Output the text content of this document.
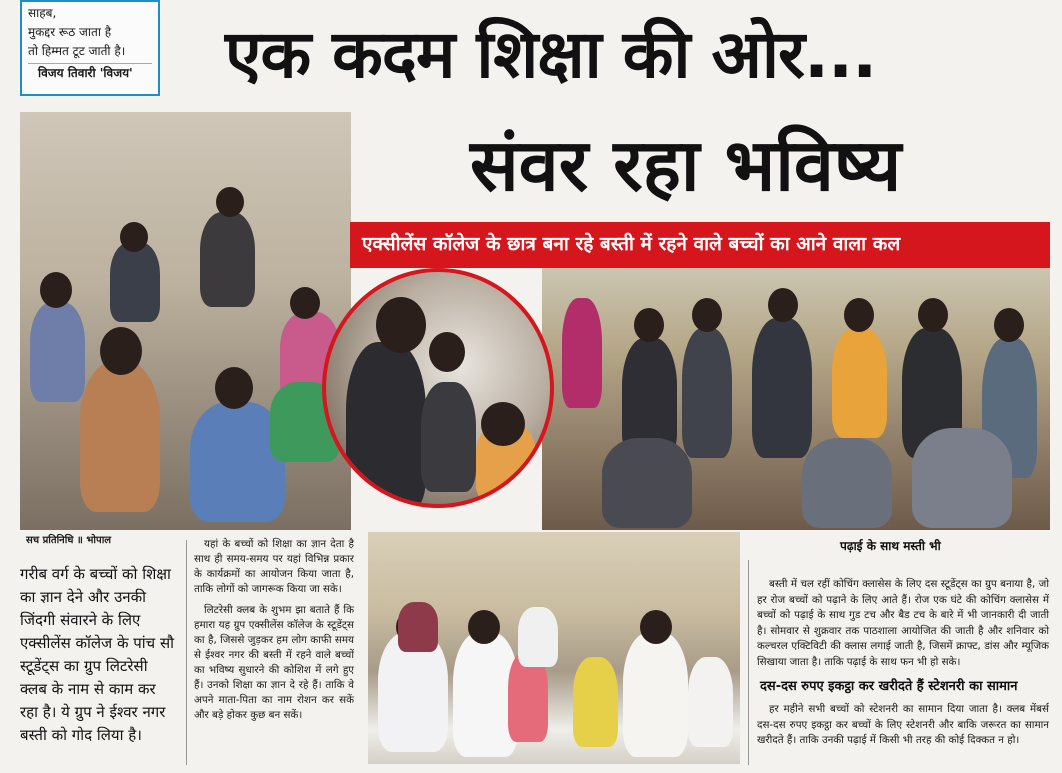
साहब,
मुकद्दर रूठ जाता है
तो हिम्मत टूट जाती है।
विजय तिवारी 'विजय' एक कदम शिक्षा की ओर...
संवर रहा भविष्य
एक्सीलेंस कॉलेज के छात्र बना रहे बस्ती में रहने वाले बच्चों का आने वाला कल
सच प्रतिनिधि ॥ भोपाल	पढ़ाई के साथ मस्ती भी
गरीब वर्ग के बच्चों को शिक्षा का ज्ञान देने और उनकी जिंदगी संवारने के लिए एक्सीलेंस कॉलेज के पांच सौ स्टूडेंट्स का ग्रुप लिटरेसी क्लब के नाम से काम कर रहा है। ये ग्रुप ने ईश्वर नगर बस्ती को गोद लिया है।

यहां के बच्चों को शिक्षा का ज्ञान देता है साथ ही समय-समय पर यहां विभिन्न प्रकार के कार्यक्रमों का आयोजन किया जाता है, ताकि लोगों को जागरूक किया जा सके।

लिटरेसी क्लब के शुभम झा बताते हैं कि हमारा यह ग्रुप एक्सीलेंस कॉलेज के स्टूडेंट्स का है, जिससे जुड़कर हम लोग काफी समय से ईश्वर नगर की बस्ती में रहने वाले बच्चों का भविष्य सुधारने की कोशिश में लगे हुए हैं। उनको शिक्षा का ज्ञान दे रहे हैं। ताकि वे अपने माता-पिता का नाम रोशन कर सकें और बड़े होकर कुछ बन सकें।

बस्ती में चल रहीं कोचिंग क्लासेस के लिए दस स्टूडेंट्स का ग्रुप बनाया है, जो हर रोज बच्चों को पढ़ाने के लिए आते हैं। रोज एक घंटे की कोचिंग क्लासेस में बच्चों को पढ़ाई के साथ गुड टच और बैड टच के बारे में भी जानकारी दी जाती है। सोमवार से शुक्रवार तक पाठशाला आयोजित की जाती है और शनिवार को कल्चरल एक्टिविटी की क्लास लगाई जाती है, जिसमें क्राफ्ट, डांस और म्यूजिक सिखाया जाता है। ताकि पढ़ाई के साथ फन भी हो सके।

दस-दस रुपए इकट्ठा कर खरीदते हैं स्टेशनरी का सामान

हर महीने सभी बच्चों को स्टेशनरी का सामान दिया जाता है। क्लब मेंबर्स दस-दस रुपए इकट्ठा कर बच्चों के लिए स्टेशनरी और बाकि जरूरत का सामान खरीदते हैं। ताकि उनकी पढ़ाई में किसी भी तरह की कोई दिक्कत न हो।
